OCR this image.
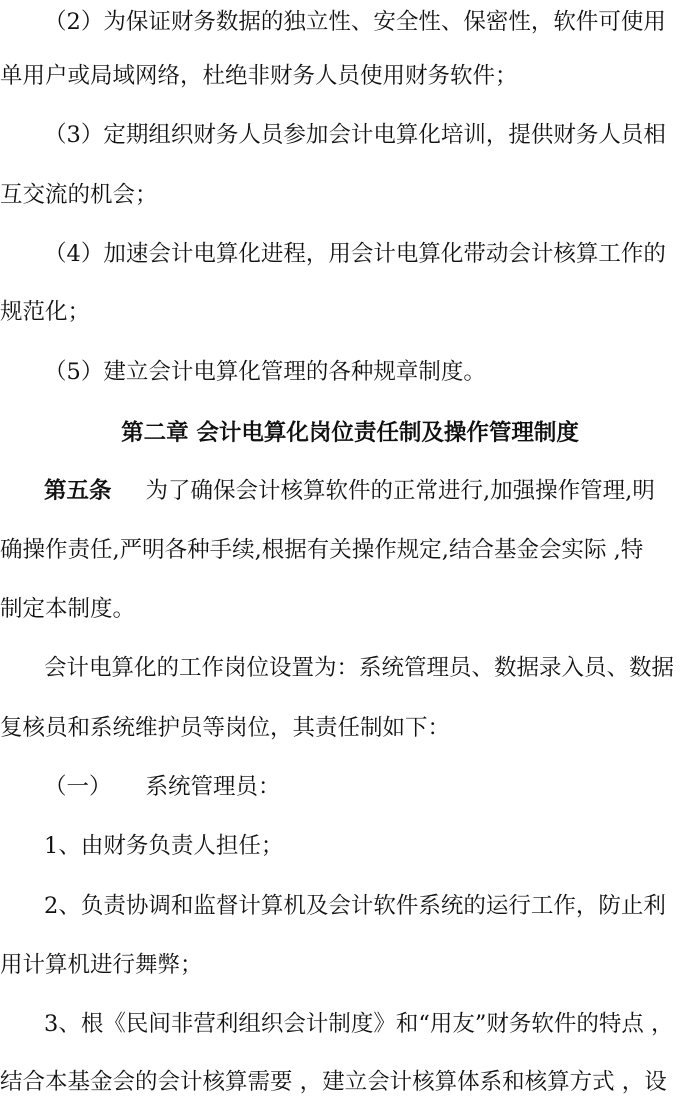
（2）为保证财务数据的独立性、安全性、保密性，软件可使用
单用户或局域网络，杜绝非财务人员使用财务软件；
（3）定期组织财务人员参加会计电算化培训，提供财务人员相
互交流的机会；
（4）加速会计电算化进程，用会计电算化带动会计核算工作的
规范化；
（5）建立会计电算化管理的各种规章制度。
第二章 会计电算化岗位责任制及操作管理制度
第五条 为了确保会计核算软件的正常进行,加强操作管理,明
确操作责任,严明各种手续,根据有关操作规定,结合基金会实际 ,特
制定本制度。
会计电算化的工作岗位设置为：系统管理员、数据录入员、数据
复核员和系统维护员等岗位，其责任制如下：
（一） 系统管理员：
1、由财务负责人担任；
2、负责协调和监督计算机及会计软件系统的运行工作，防止利
用计算机进行舞弊；
3、根《民间非营利组织会计制度》和“用友”财务软件的特点 ，
结合本基金会的会计核算需要 ，建立会计核算体系和核算方式 ，设
